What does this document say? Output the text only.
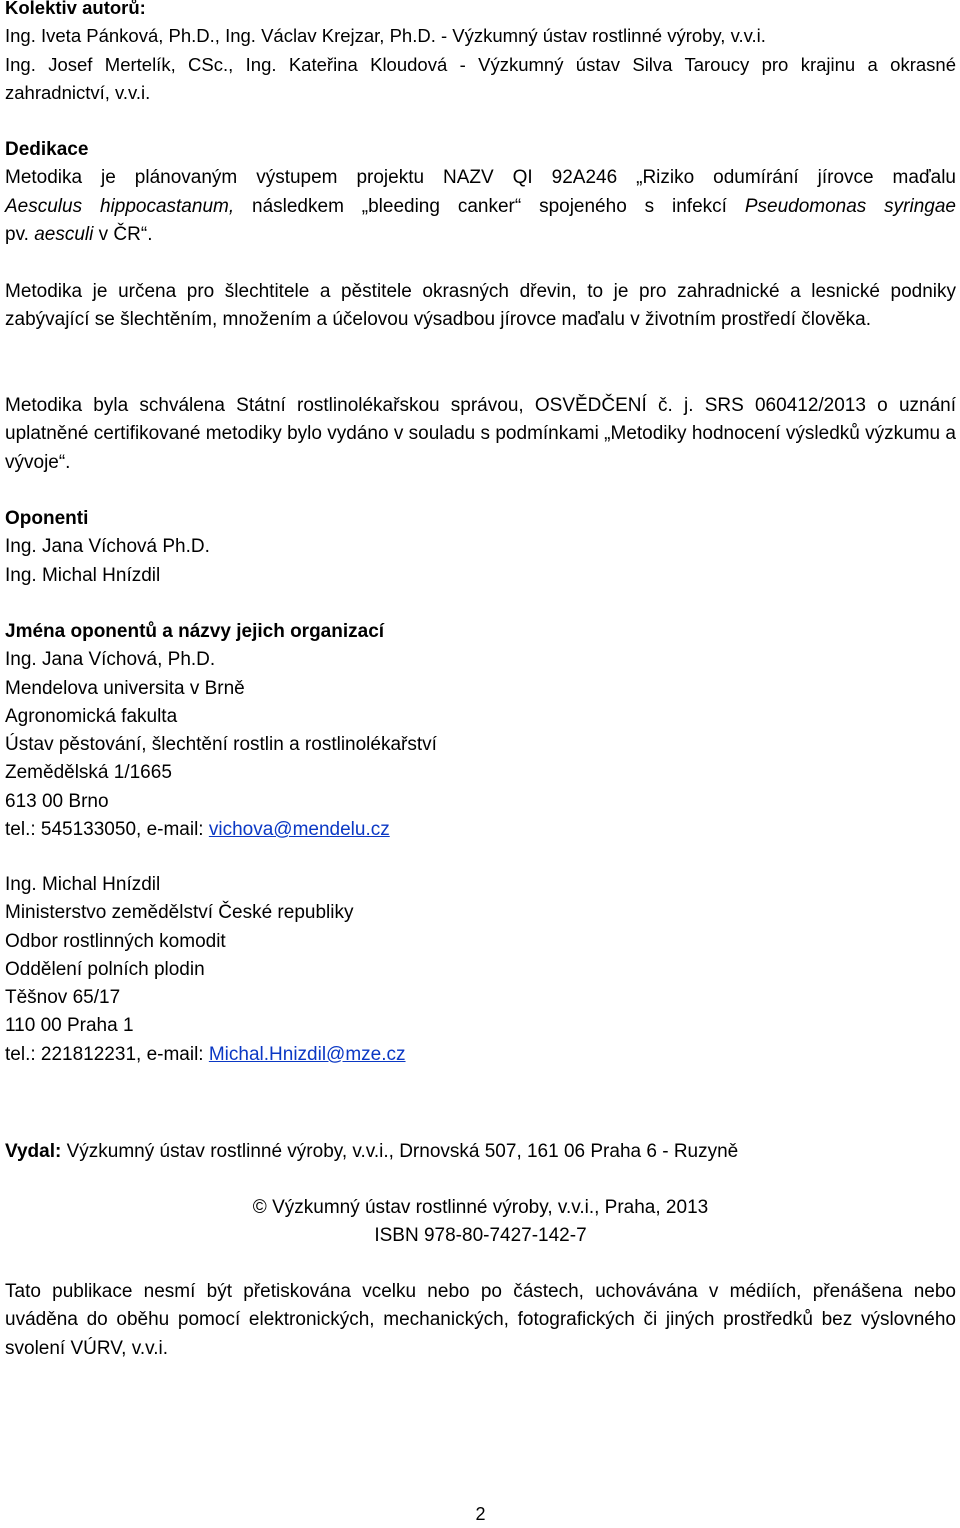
Kolektiv autorů:
Ing. Iveta Pánková, Ph.D., Ing. Václav Krejzar, Ph.D. - Výzkumný ústav rostlinné výroby, v.v.i.
Ing. Josef Mertelík, CSc., Ing. Kateřina Kloudová - Výzkumný ústav Silva Taroucy pro krajinu a okrasné
zahradnictví, v.v.i.
Dedikace
Metodika je plánovaným výstupem projektu NAZV QI 92A246 „Riziko odumírání jírovce maďalu
Aesculus hippocastanum, následkem „bleeding canker“ spojeného s infekcí Pseudomonas syringae
pv. aesculi v ČR“.
Metodika je určena pro šlechtitele a pěstitele okrasných dřevin, to je pro zahradnické a lesnické podniky zabývající se šlechtěním, množením a účelovou výsadbou jírovce maďalu v životním prostředí člověka.
Metodika byla schválena Státní rostlinolékařskou správou, OSVĚDČENÍ č. j. SRS 060412/2013 o uznání uplatněné certifikované metodiky bylo vydáno v souladu s podmínkami „Metodiky hodnocení výsledků výzkumu a vývoje“.
Oponenti
Ing. Jana Víchová Ph.D.
Ing. Michal Hnízdil
Jména oponentů a názvy jejich organizací
Ing. Jana Víchová, Ph.D.
Mendelova universita v Brně
Agronomická fakulta
Ústav pěstování, šlechtění rostlin a rostlinolékařství
Zemědělská 1/1665
613 00 Brno
tel.: 545133050, e-mail: vichova@mendelu.cz
Ing. Michal Hnízdil
Ministerstvo zemědělství České republiky
Odbor rostlinných komodit
Oddělení polních plodin
Těšnov 65/17
110 00 Praha 1
tel.: 221812231, e-mail: Michal.Hnizdil@mze.cz
Vydal: Výzkumný ústav rostlinné výroby, v.v.i., Drnovská 507, 161 06 Praha 6 - Ruzyně
© Výzkumný ústav rostlinné výroby, v.v.i., Praha, 2013
ISBN 978-80-7427-142-7
Tato publikace nesmí být přetiskována vcelku nebo po částech, uchovávána v médiích, přenášena nebo uváděna do oběhu pomocí elektronických, mechanických, fotografických či jiných prostředků bez výslovného svolení VÚRV, v.v.i.
2
